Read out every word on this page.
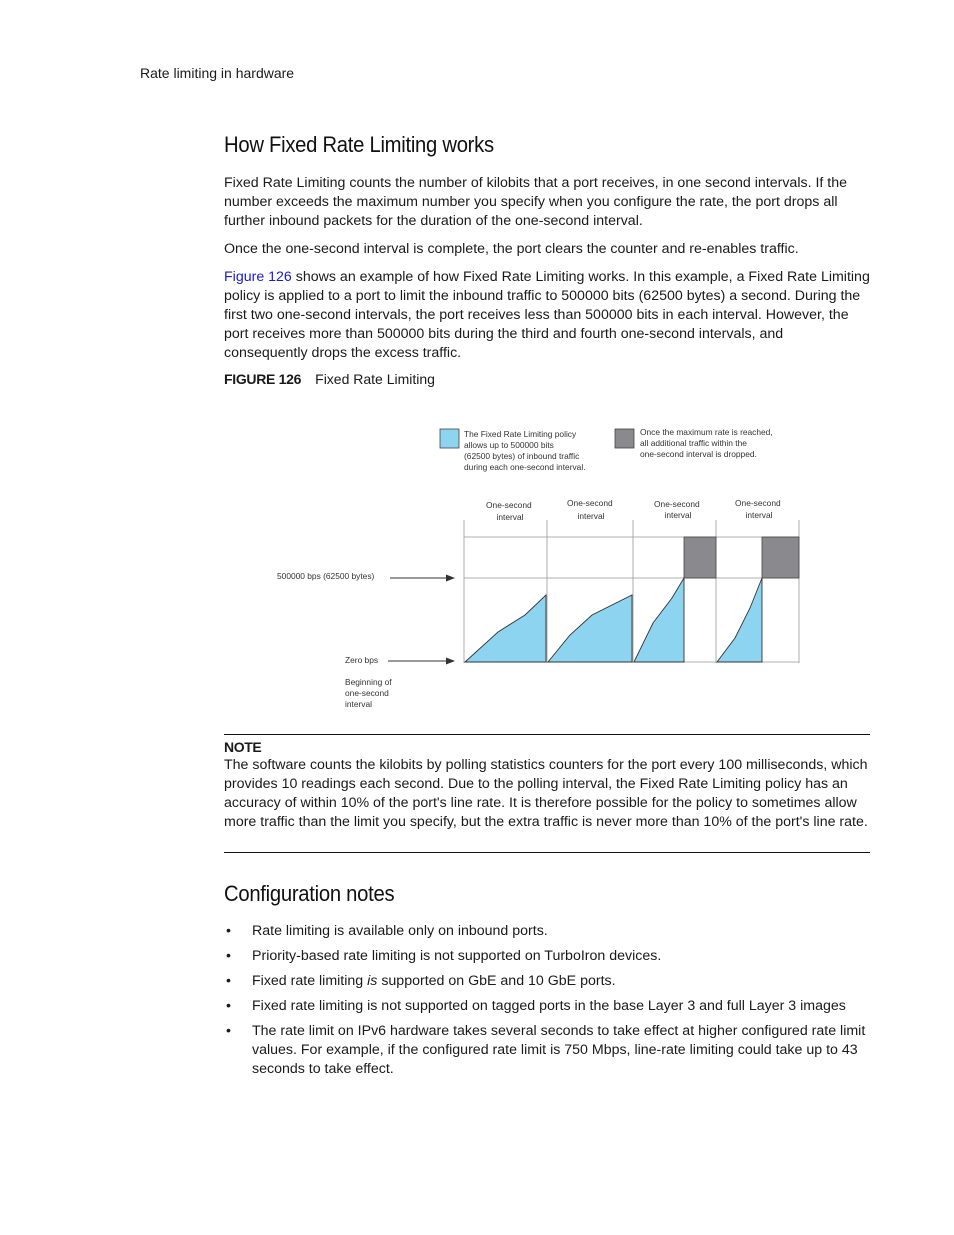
Rate limiting in hardware
How Fixed Rate Limiting works

Fixed Rate Limiting counts the number of kilobits that a port receives, in one second intervals. If the number exceeds the maximum number you specify when you configure the rate, the port drops all further inbound packets for the duration of the one-second interval.

Once the one-second interval is complete, the port clears the counter and re-enables traffic.

Figure 126 shows an example of how Fixed Rate Limiting works. In this example, a Fixed Rate Limiting policy is applied to a port to limit the inbound traffic to 500000 bits (62500 bytes) a second. During the first two one-second intervals, the port receives less than 500000 bits in each interval. However, the port receives more than 500000 bits during the third and fourth one-second intervals, and consequently drops the excess traffic.

FIGURE 126 Fixed Rate Limiting
The Fixed Rate Limiting policy allows up to 500000 bits (62500 bytes) of inbound traffic during each one-second interval.
Once the maximum rate is reached, all additional traffic within the one-second interval is dropped.
One-second interval
One-second interval
One-second interval
One-second interval
500000 bps (62500 bytes)
Zero bps
Beginning of one-second interval
NOTE

The software counts the kilobits by polling statistics counters for the port every 100 milliseconds, which provides 10 readings each second. Due to the polling interval, the Fixed Rate Limiting policy has an accuracy of within 10% of the port's line rate. It is therefore possible for the policy to sometimes allow more traffic than the limit you specify, but the extra traffic is never more than 10% of the port's line rate.

Configuration notes
• Rate limiting is available only on inbound ports.
• Priority-based rate limiting is not supported on TurboIron devices.
• Fixed rate limiting is supported on GbE and 10 GbE ports.
• Fixed rate limiting is not supported on tagged ports in the base Layer 3 and full Layer 3 images
• The rate limit on IPv6 hardware takes several seconds to take effect at higher configured rate limit values. For example, if the configured rate limit is 750 Mbps, line-rate limiting could take up to 43 seconds to take effect.
